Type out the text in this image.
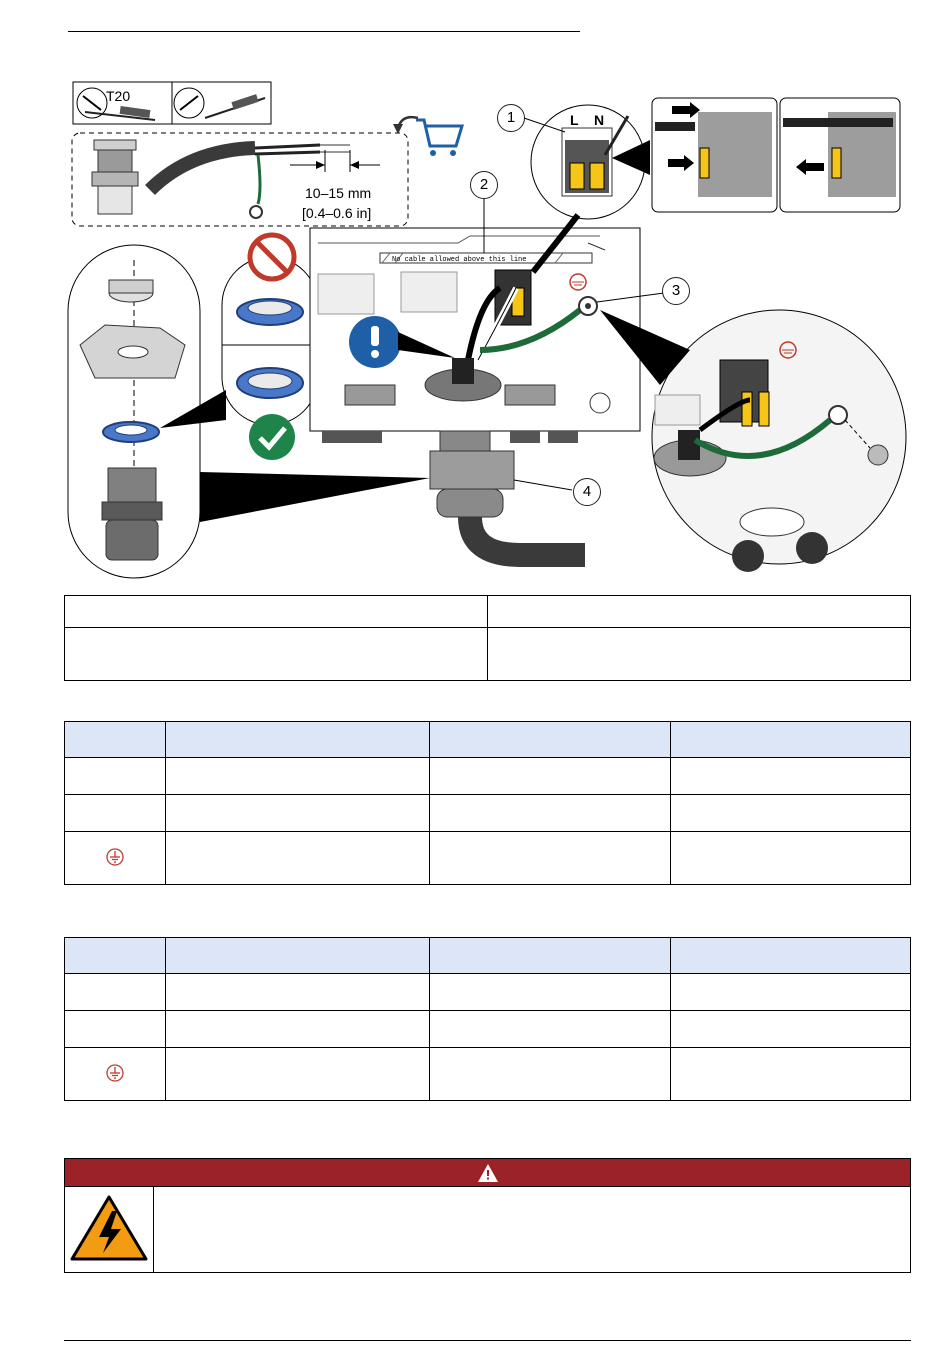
T20
10–15 mm
[0.4–0.6 in]
No cable allowed above this line
L N
1
2
3
4
